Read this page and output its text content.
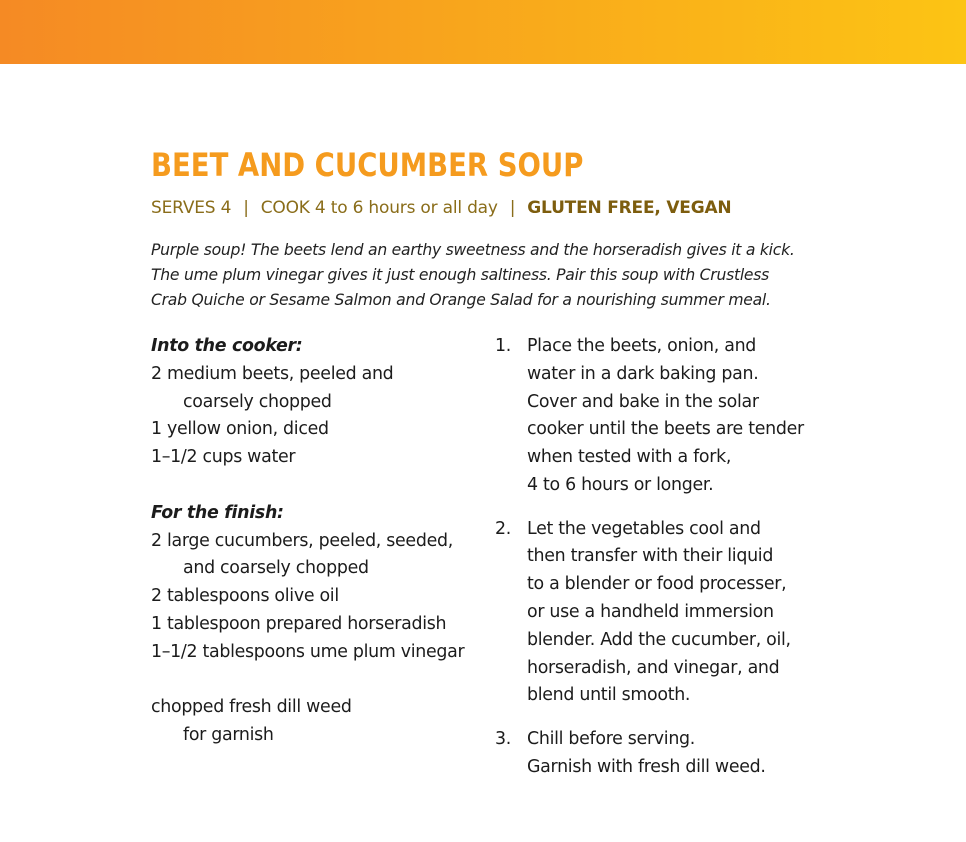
BEET AND CUCUMBER SOUP
SERVES 4 | COOK 4 to 6 hours or all day | GLUTEN FREE, VEGAN
Purple soup! The beets lend an earthy sweetness and the horseradish gives it a kick.
The ume plum vinegar gives it just enough saltiness. Pair this soup with Crustless
Crab Quiche or Sesame Salmon and Orange Salad for a nourishing summer meal.

Into the cooker:

2 medium beets, peeled and

coarsely chopped

1 yellow onion, diced

1–1/2 cups water

For the finish:

2 large cucumbers, peeled, seeded,

and coarsely chopped

2 tablespoons olive oil

1 tablespoon prepared horseradish

1–1/2 tablespoons ume plum vinegar

chopped fresh dill weed

for garnish

1. Place the beets, onion, and
water in a dark baking pan.
Cover and bake in the solar
cooker until the beets are tender
when tested with a fork,
4 to 6 hours or longer.
2. Let the vegetables cool and
then transfer with their liquid
to a blender or food processer,
or use a handheld immersion
blender. Add the cucumber, oil,
horseradish, and vinegar, and
blend until smooth.
3. Chill before serving.
Garnish with fresh dill weed.
